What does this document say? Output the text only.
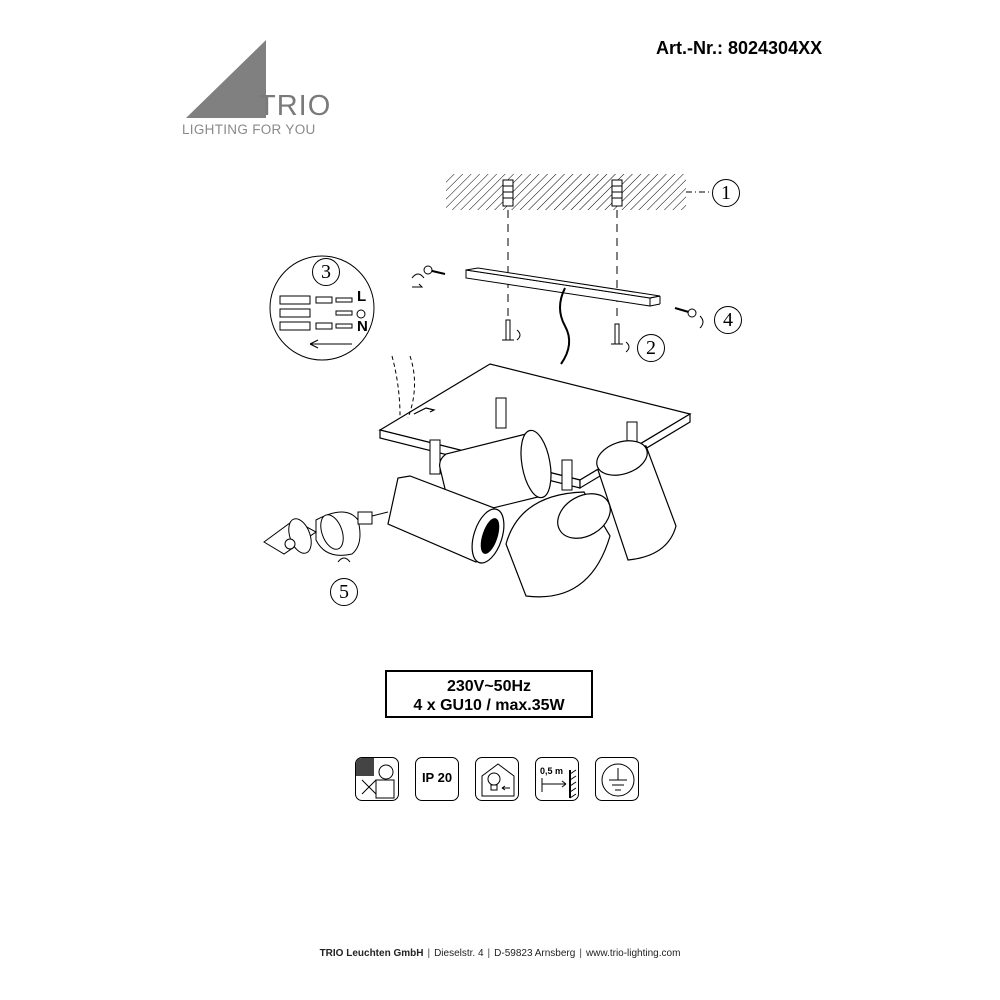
TRIO
LIGHTING FOR YOU
Art.-Nr.: 8024304XX
1
2
3
4
5
L
N
230V~50Hz
4 x GU10 / max.35W
IP 20	0,5 m
TRIO Leuchten GmbH | Dieselstr. 4 | D-59823 Arnsberg | www.trio-lighting.com
